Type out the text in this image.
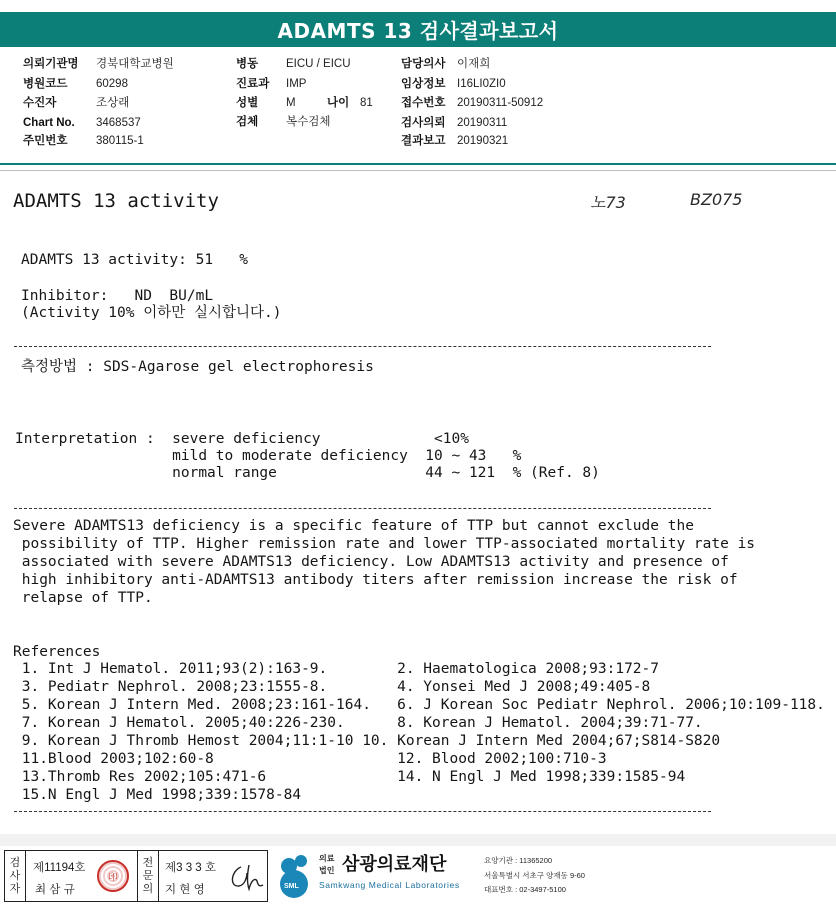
ADAMTS 13 검사결과보고서
의뢰기관명 경북대학교병원
병원코드 60298
수진자	조상래
Chart No. 3468537
주민번호 380115-1
병동 EICU / EICU
진료과 IMP
성별 M	나이 81
검체 복수검체
담당의사 이재희
임상정보 I16LI0ZI0
접수번호 20190311-50912
검사의뢰 20190311
결과보고 20190321
ADAMTS 13 activity	노73	BZ075
ADAMTS 13 activity: 51   %
Inhibitor:   ND  BU/mL
(Activity 10% 이하만 실시합니다.)
측정방법 : SDS-Agarose gel electrophoresis
Interpretation :  severe deficiency             <10%
mild to moderate deficiency  10 ~ 43   %
normal range                 44 ~ 121  % (Ref. 8)
Severe ADAMTS13 deficiency is a specific feature of TTP but cannot exclude the
possibility of TTP. Higher remission rate and lower TTP-associated mortality rate is
associated with severe ADAMTS13 deficiency. Low ADAMTS13 activity and presence of
high inhibitory anti-ADAMTS13 antibody titers after remission increase the risk of
relapse of TTP.
References
1. Int J Hematol. 2011;93(2):163-9.        2. Haematologica 2008;93:172-7
3. Pediatr Nephrol. 2008;23:1555-8.        4. Yonsei Med J 2008;49:405-8
5. Korean J Intern Med. 2008;23:161-164.   6. J Korean Soc Pediatr Nephrol. 2006;10:109-118.
7. Korean J Hematol. 2005;40:226-230.      8. Korean J Hematol. 2004;39:71-77.
9. Korean J Thromb Hemost 2004;11:1-10 10. Korean J Intern Med 2004;67;S814-S820
11.Blood 2003;102:60-8                     12. Blood 2002;100:710-3
13.Thromb Res 2002;105:471-6               14. N Engl J Med 1998;339:1585-94
15.N Engl J Med 1998;339:1578-84
검
사
자
제11194호
최 삼 규
印
전
문
의
제3 3 3 호
지 현 영	SML
의료
법인 삼광의료재단
Samkwang Medical Laboratories
요양기관 : 11365200
서울특별시 서초구 양재동 9-60
대표번호 : 02-3497-5100
